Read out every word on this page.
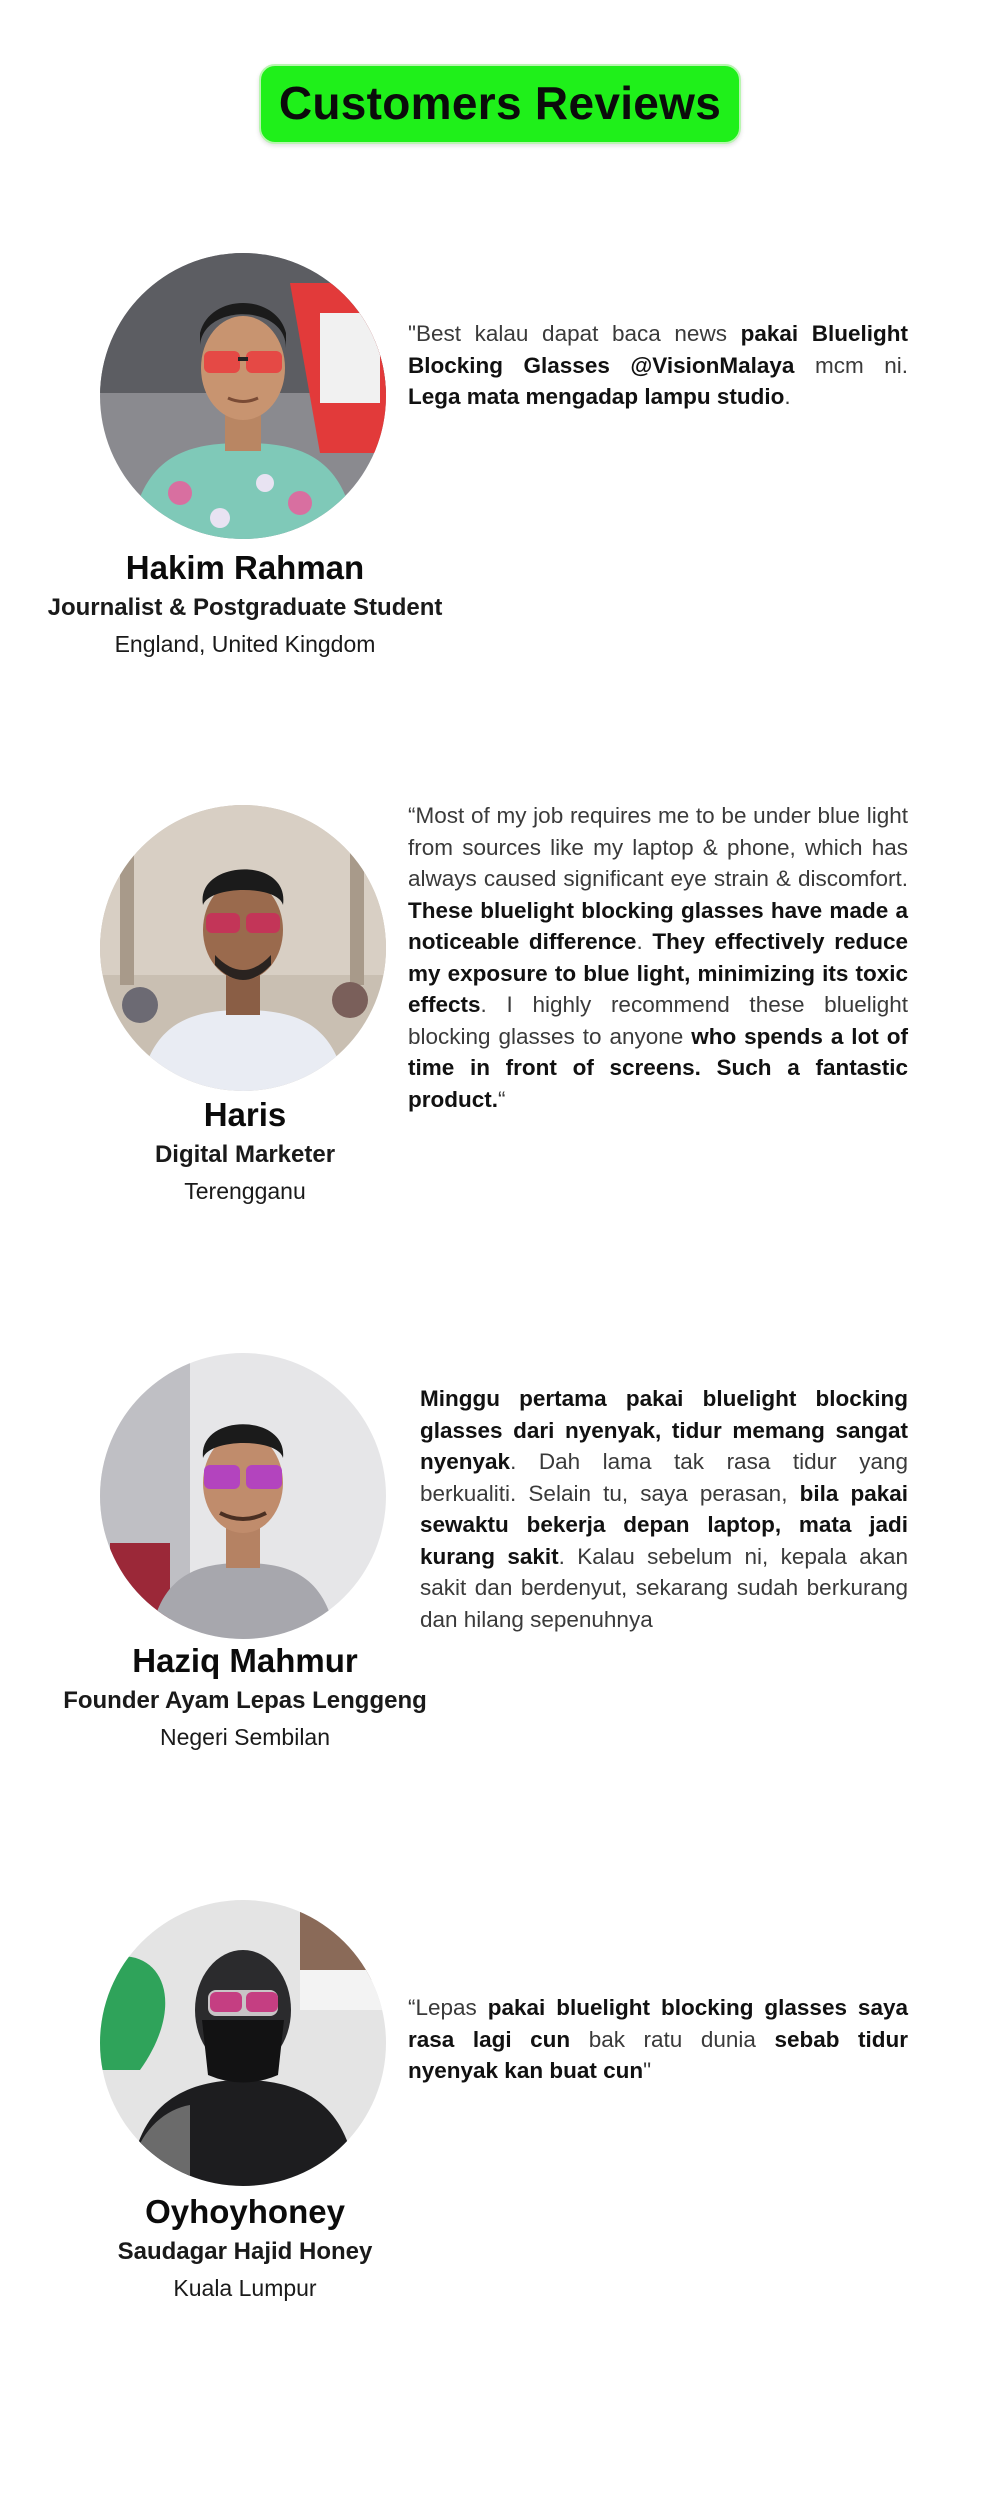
Customers Reviews
Hakim Rahman
Journalist & Postgraduate Student
England, United Kingdom
"Best kalau dapat baca news pakai Bluelight Blocking Glasses @VisionMalaya mcm ni. Lega mata mengadap lampu studio.
Haris
Digital Marketer
Terengganu
“Most of my job requires me to be under blue light from sources like my laptop & phone, which has always caused significant eye strain & discomfort. These bluelight blocking glasses have made a noticeable difference. They effectively reduce my exposure to blue light, minimizing its toxic effects. I highly recommend these bluelight blocking glasses to anyone who spends a lot of time in front of screens. Such a fantastic product.“
Haziq Mahmur
Founder Ayam Lepas Lenggeng
Negeri Sembilan
Minggu pertama pakai bluelight blocking glasses dari nyenyak, tidur memang sangat nyenyak. Dah lama tak rasa tidur yang berkualiti. Selain tu, saya perasan, bila pakai sewaktu bekerja depan laptop, mata jadi kurang sakit. Kalau sebelum ni, kepala akan sakit dan berdenyut, sekarang sudah berkurang dan hilang sepenuhnya
Oyhoyhoney
Saudagar Hajid Honey
Kuala Lumpur
“Lepas pakai bluelight blocking glasses saya rasa lagi cun bak ratu dunia sebab tidur nyenyak kan buat cun"
